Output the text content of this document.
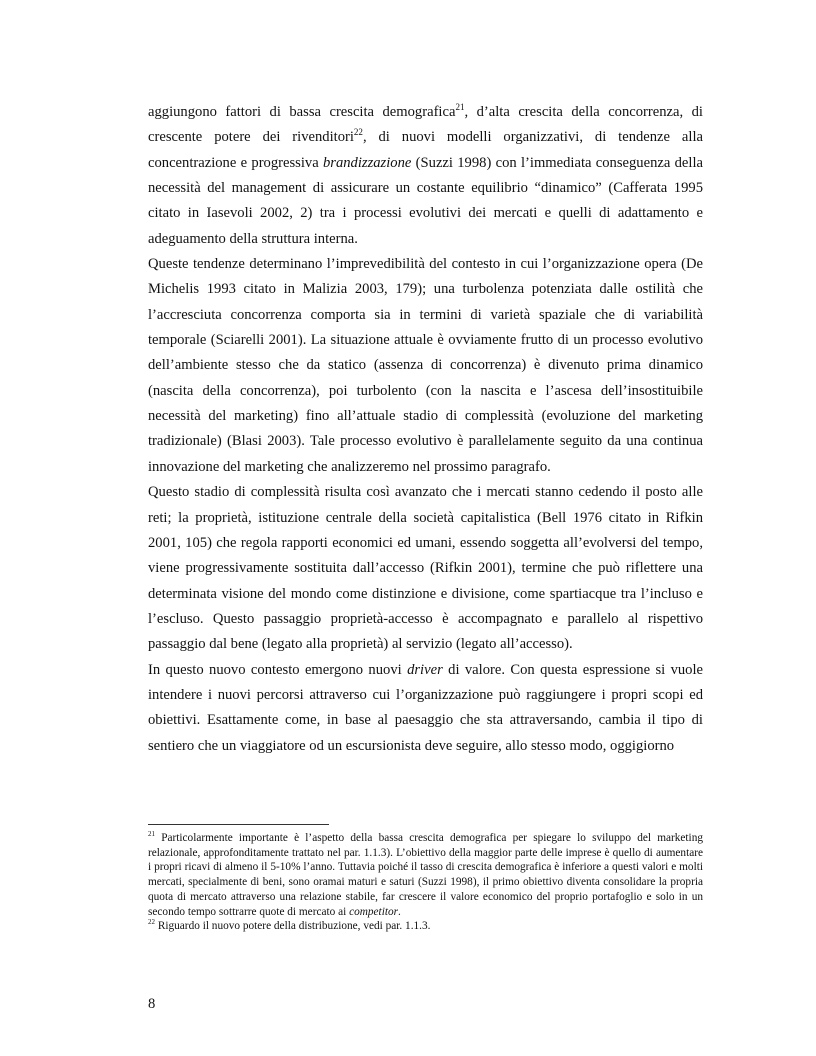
aggiungono fattori di bassa crescita demografica$^{21}$, d’alta crescita della concorrenza, di crescente potere dei rivenditori$^{22}$, di nuovi modelli organizzativi, di tendenze alla concentrazione e progressiva brandizzazione (Suzzi 1998) con l’immediata conseguenza della necessità del management di assicurare un costante equilibrio “dinamico” (Cafferata 1995 citato in Iasevoli 2002, 2) tra i processi evolutivi dei mercati e quelli di adattamento e adeguamento della struttura interna.

Queste tendenze determinano l’imprevedibilità del contesto in cui l’organizzazione opera (De Michelis 1993 citato in Malizia 2003, 179); una turbolenza potenziata dalle ostilità che l’accresciuta concorrenza comporta sia in termini di varietà spaziale che di variabilità temporale (Sciarelli 2001). La situazione attuale è ovviamente frutto di un processo evolutivo dell’ambiente stesso che da statico (assenza di concorrenza) è divenuto prima dinamico (nascita della concorrenza), poi turbolento (con la nascita e l’ascesa dell’insostituibile necessità del marketing) fino all’attuale stadio di complessità (evoluzione del marketing tradizionale) (Blasi 2003). Tale processo evolutivo è parallelamente seguito da una continua innovazione del marketing che analizzeremo nel prossimo paragrafo.

Questo stadio di complessità risulta così avanzato che i mercati stanno cedendo il posto alle reti; la proprietà, istituzione centrale della società capitalistica (Bell 1976 citato in Rifkin 2001, 105) che regola rapporti economici ed umani, essendo soggetta all’evolversi del tempo, viene progressivamente sostituita dall’accesso (Rifkin 2001), termine che può riflettere una determinata visione del mondo come distinzione e divisione, come spartiacque tra l’incluso e l’escluso. Questo passaggio proprietà-accesso è accompagnato e parallelo al rispettivo passaggio dal bene (legato alla proprietà) al servizio (legato all’accesso).

In questo nuovo contesto emergono nuovi driver di valore. Con questa espressione si vuole intendere i nuovi percorsi attraverso cui l’organizzazione può raggiungere i propri scopi ed obiettivi. Esattamente come, in base al paesaggio che sta attraversando, cambia il tipo di sentiero che un viaggiatore od un escursionista deve seguire, allo stesso modo, oggigiorno

$^{21}$ Particolarmente importante è l’aspetto della bassa crescita demografica per spiegare lo sviluppo del marketing relazionale, approfonditamente trattato nel par. 1.1.3). L’obiettivo della maggior parte delle imprese è quello di aumentare i propri ricavi di almeno il 5-10% l’anno. Tuttavia poiché il tasso di crescita demografica è inferiore a questi valori e molti mercati, specialmente di beni, sono oramai maturi e saturi (Suzzi 1998), il primo obiettivo diventa consolidare la propria quota di mercato attraverso una relazione stabile, far crescere il valore economico del proprio portafoglio e solo in un secondo tempo sottrarre quote di mercato ai competitor.

$^{22}$ Riguardo il nuovo potere della distribuzione, vedi par. 1.1.3.

8
